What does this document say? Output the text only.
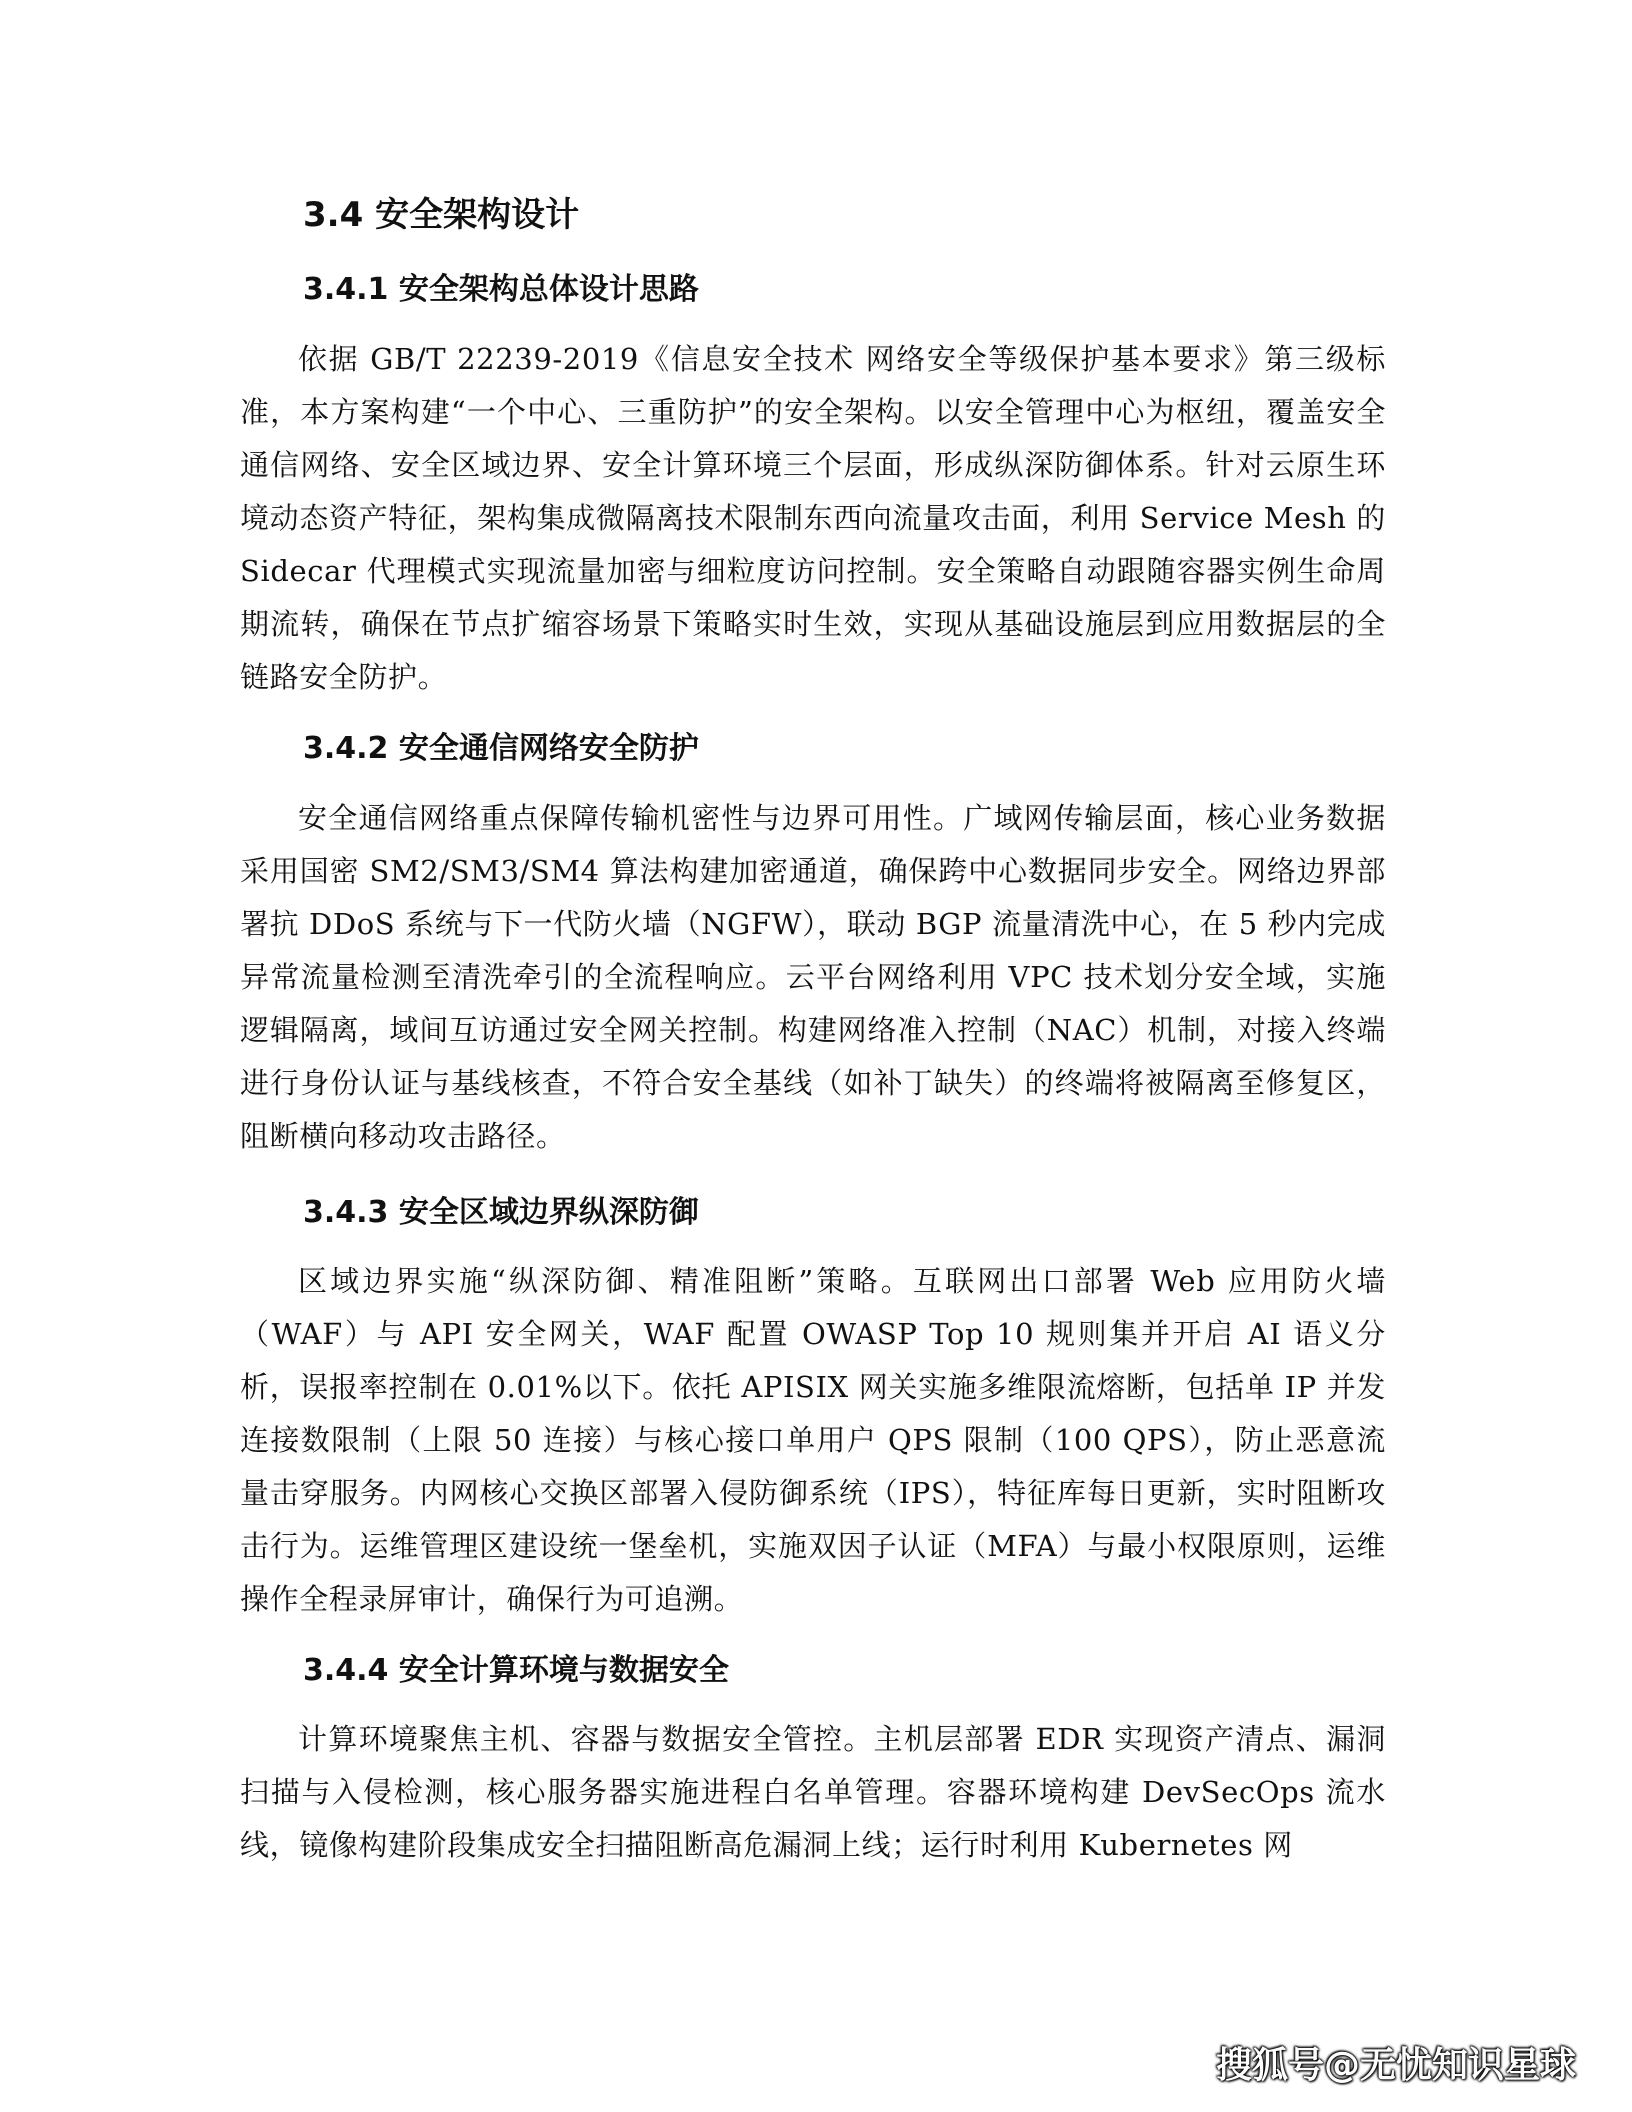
3.4 安全架构设计
3.4.1 安全架构总体设计思路

依据 GB/T 22239-2019《信息安全技术 网络安全等级保护基本要求》第三级标准，本方案构建“一个中心、三重防护”的安全架构。以安全管理中心为枢纽，覆盖安全通信网络、安全区域边界、安全计算环境三个层面，形成纵深防御体系。针对云原生环境动态资产特征，架构集成微隔离技术限制东西向流量攻击面，利用 Service Mesh 的 Sidecar 代理模式实现流量加密与细粒度访问控制。安全策略自动跟随容器实例生命周期流转，确保在节点扩缩容场景下策略实时生效，实现从基础设施层到应用数据层的全链路安全防护。

3.4.2 安全通信网络安全防护

安全通信网络重点保障传输机密性与边界可用性。广域网传输层面，核心业务数据采用国密 SM2/SM3/SM4 算法构建加密通道，确保跨中心数据同步安全。网络边界部署抗 DDoS 系统与下一代防火墙（NGFW），联动 BGP 流量清洗中心，在 5 秒内完成异常流量检测至清洗牵引的全流程响应。云平台网络利用 VPC 技术划分安全域，实施逻辑隔离，域间互访通过安全网关控制。构建网络准入控制（NAC）机制，对接入终端进行身份认证与基线核查，不符合安全基线（如补丁缺失）的终端将被隔离至修复区，阻断横向移动攻击路径。

3.4.3 安全区域边界纵深防御

区域边界实施“纵深防御、精准阻断”策略。互联网出口部署 Web 应用防火墙（WAF）与 API 安全网关，WAF 配置 OWASP Top 10 规则集并开启 AI 语义分析，误报率控制在 0.01%以下。依托 APISIX 网关实施多维限流熔断，包括单 IP 并发连接数限制（上限 50 连接）与核心接口单用户 QPS 限制（100 QPS），防止恶意流量击穿服务。内网核心交换区部署入侵防御系统（IPS），特征库每日更新，实时阻断攻击行为。运维管理区建设统一堡垒机，实施双因子认证（MFA）与最小权限原则，运维操作全程录屏审计，确保行为可追溯。

3.4.4 安全计算环境与数据安全

计算环境聚焦主机、容器与数据安全管控。主机层部署 EDR 实现资产清点、漏洞扫描与入侵检测，核心服务器实施进程白名单管理。容器环境构建 DevSecOps 流水线，镜像构建阶段集成安全扫描阻断高危漏洞上线；运行时利用 Kubernetes 网

搜狐号@无忧知识星球
